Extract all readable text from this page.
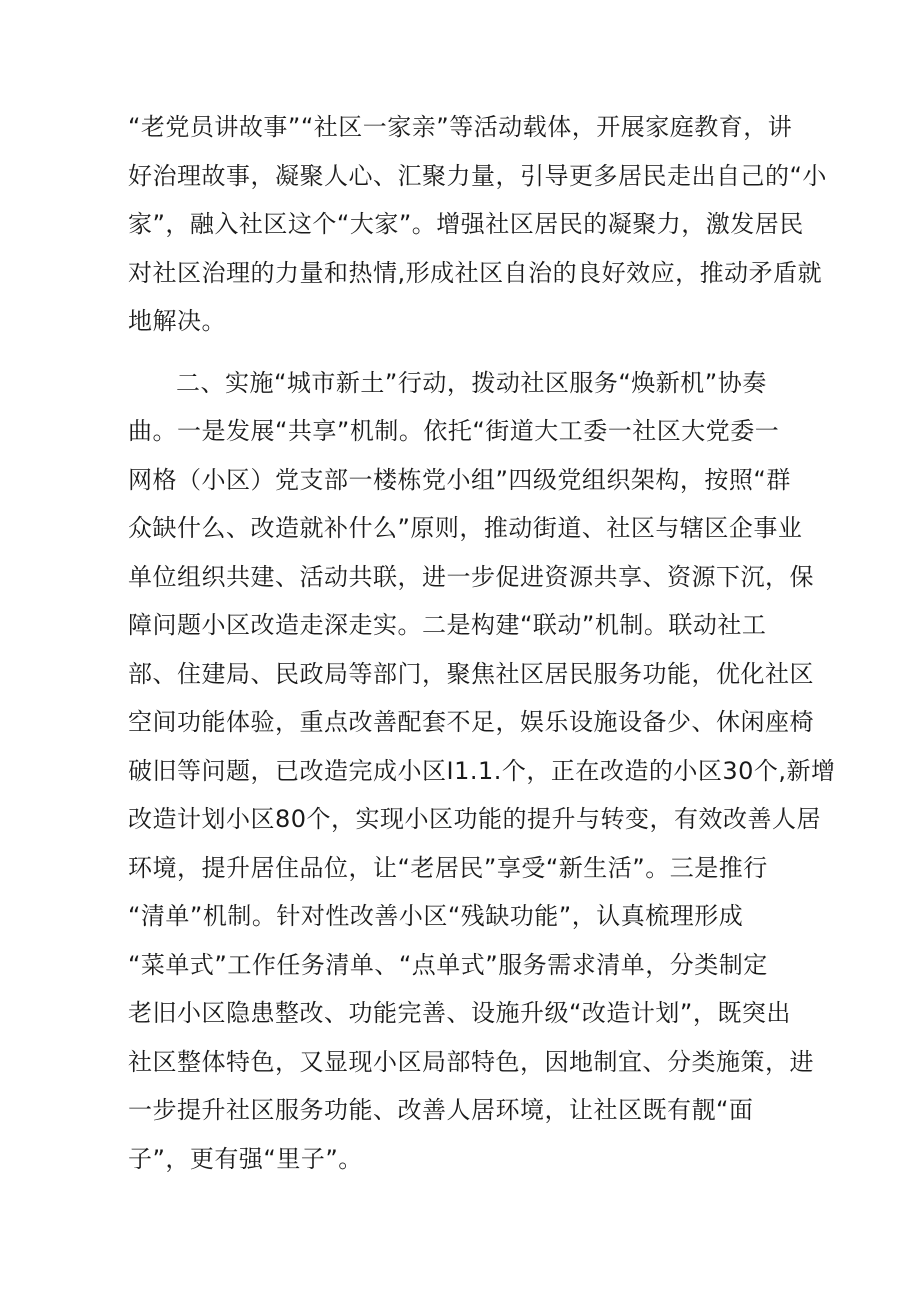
“老党员讲故事”“社区一家亲”等活动载体，开展家庭教育，讲
好治理故事，凝聚人心、汇聚力量，引导更多居民走出自己的“小
家”，融入社区这个“大家”。增强社区居民的凝聚力，激发居民
对社区治理的力量和热情,形成社区自治的良好效应，推动矛盾就
地解决。
二、实施“城市新土”行动，拨动社区服务“焕新机”协奏
曲。一是发展“共享”机制。依托“街道大工委一社区大党委一
网格（小区）党支部一楼栋党小组”四级党组织架构，按照“群
众缺什么、改造就补什么”原则，推动街道、社区与辖区企事业
单位组织共建、活动共联，进一步促进资源共享、资源下沉，保
障问题小区改造走深走实。二是构建“联动”机制。联动社工
部、住建局、民政局等部门，聚焦社区居民服务功能，优化社区
空间功能体验，重点改善配套不足，娱乐设施设备少、休闲座椅
破旧等问题，已改造完成小区I1.1.个，正在改造的小区30个,新增
改造计划小区80个，实现小区功能的提升与转变，有效改善人居
环境，提升居住品位，让“老居民”享受“新生活”。三是推行
“清单”机制。针对性改善小区“残缺功能”，认真梳理形成
“菜单式”工作任务清单、“点单式”服务需求清单，分类制定
老旧小区隐患整改、功能完善、设施升级“改造计划”，既突出
社区整体特色，又显现小区局部特色，因地制宜、分类施策，进
一步提升社区服务功能、改善人居环境，让社区既有靓“面
子”，更有强“里子”。
